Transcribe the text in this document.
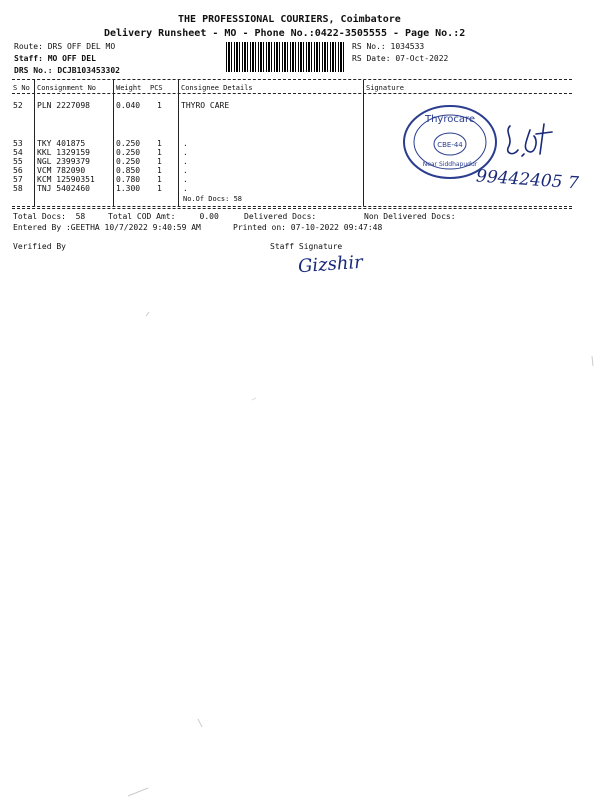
THE PROFESSIONAL COURIERS, Coimbatore
Delivery Runsheet - MO - Phone No.:0422-3505555 - Page No.:2
Route: DRS OFF DEL MO
Staff: MO OFF DEL
DRS No.: DCJB103453302
RS No.: 1034533
RS Date: 07-Oct-2022
S No Consignment No	Weight PCS	Consignee Details	Signature
52 PLN 2227098	0.040 1 THYRO CARE
53 TKY 401875	0.250 1	.
54 KKL 1329159	0.250 1	.
55 NGL 2399379	0.250 1	.
56 VCM 782090	0.850 1	.
57 KCM 12590351	0.780 1	.
58 TNJ 5402460	1.300 1	.
No.Of Docs: 58
Thyrocare
CBE-44
Near Siddhapudur
99442405 7
Total Docs:  58	Total COD Amt:     0.00	Delivered Docs:	Non Delivered Docs:
Entered By :GEETHA 10/7/2022 9:40:59 AM	Printed on: 07-10-2022 09:47:48
Verified By	Staff Signature
Gizshir
